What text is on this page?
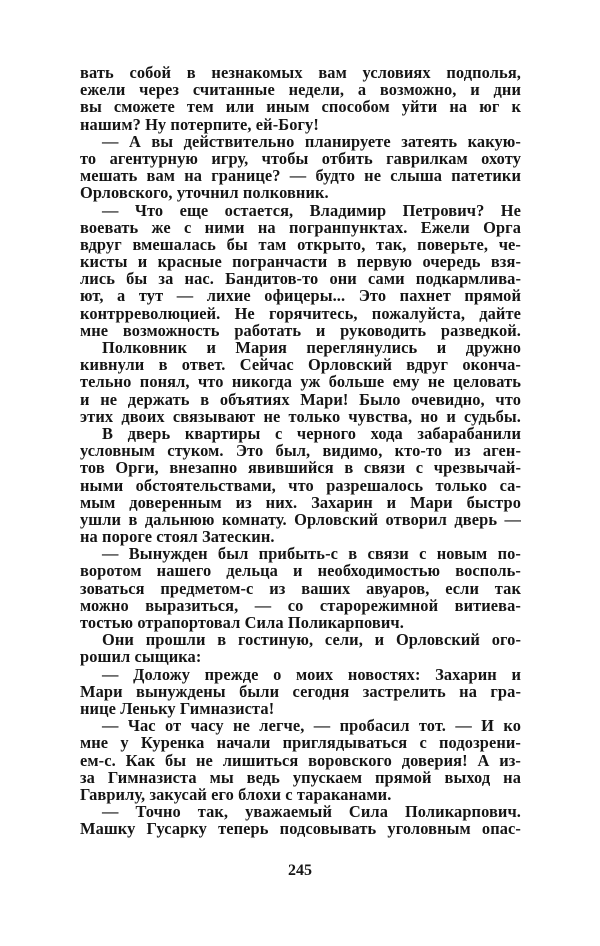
вать собой в незнакомых вам условиях подполья,
ежели через считанные недели, а возможно, и дни
вы сможете тем или иным способом уйти на юг к
нашим? Ну потерпите, ей-Богу!
— А вы действительно планируете затеять какую-
то агентурную игру, чтобы отбить гаврилкам охоту
мешать вам на границе? — будто не слыша патетики
Орловского, уточнил полковник.
— Что еще остается, Владимир Петрович? Не
воевать же с ними на погранпунктах. Ежели Орга
вдруг вмешалась бы там открыто, так, поверьте, че-
кисты и красные погранчасти в первую очередь взя-
лись бы за нас. Бандитов-то они сами подкармлива-
ют, а тут — лихие офицеры... Это пахнет прямой
контрреволюцией. Не горячитесь, пожалуйста, дайте
мне возможность работать и руководить разведкой.
Полковник и Мария переглянулись и дружно
кивнули в ответ. Сейчас Орловский вдруг оконча-
тельно понял, что никогда уж больше ему не целовать
и не держать в объятиях Мари! Было очевидно, что
этих двоих связывают не только чувства, но и судьбы.
В дверь квартиры с черного хода забарабанили
условным стуком. Это был, видимо, кто-то из аген-
тов Орги, внезапно явившийся в связи с чрезвычай-
ными обстоятельствами, что разрешалось только са-
мым доверенным из них. Захарин и Мари быстро
ушли в дальнюю комнату. Орловский отворил дверь —
на пороге стоял Затескин.
— Вынужден был прибыть-с в связи с новым по-
воротом нашего дельца и необходимостью восполь-
зоваться предметом-с из ваших авуаров, если так
можно выразиться, — со старорежимной витиева-
тостью отрапортовал Сила Поликарпович.
Они прошли в гостиную, сели, и Орловский ого-
рошил сыщика:
— Доложу прежде о моих новостях: Захарин и
Мари вынуждены были сегодня застрелить на гра-
нице Леньку Гимназиста!
— Час от часу не легче, — пробасил тот. — И ко
мне у Куренка начали приглядываться с подозрени-
ем-с. Как бы не лишиться воровского доверия! А из-
за Гимназиста мы ведь упускаем прямой выход на
Гаврилу, закусай его блохи с тараканами.
— Точно так, уважаемый Сила Поликарпович.
Машку Гусарку теперь подсовывать уголовным опас-
245
